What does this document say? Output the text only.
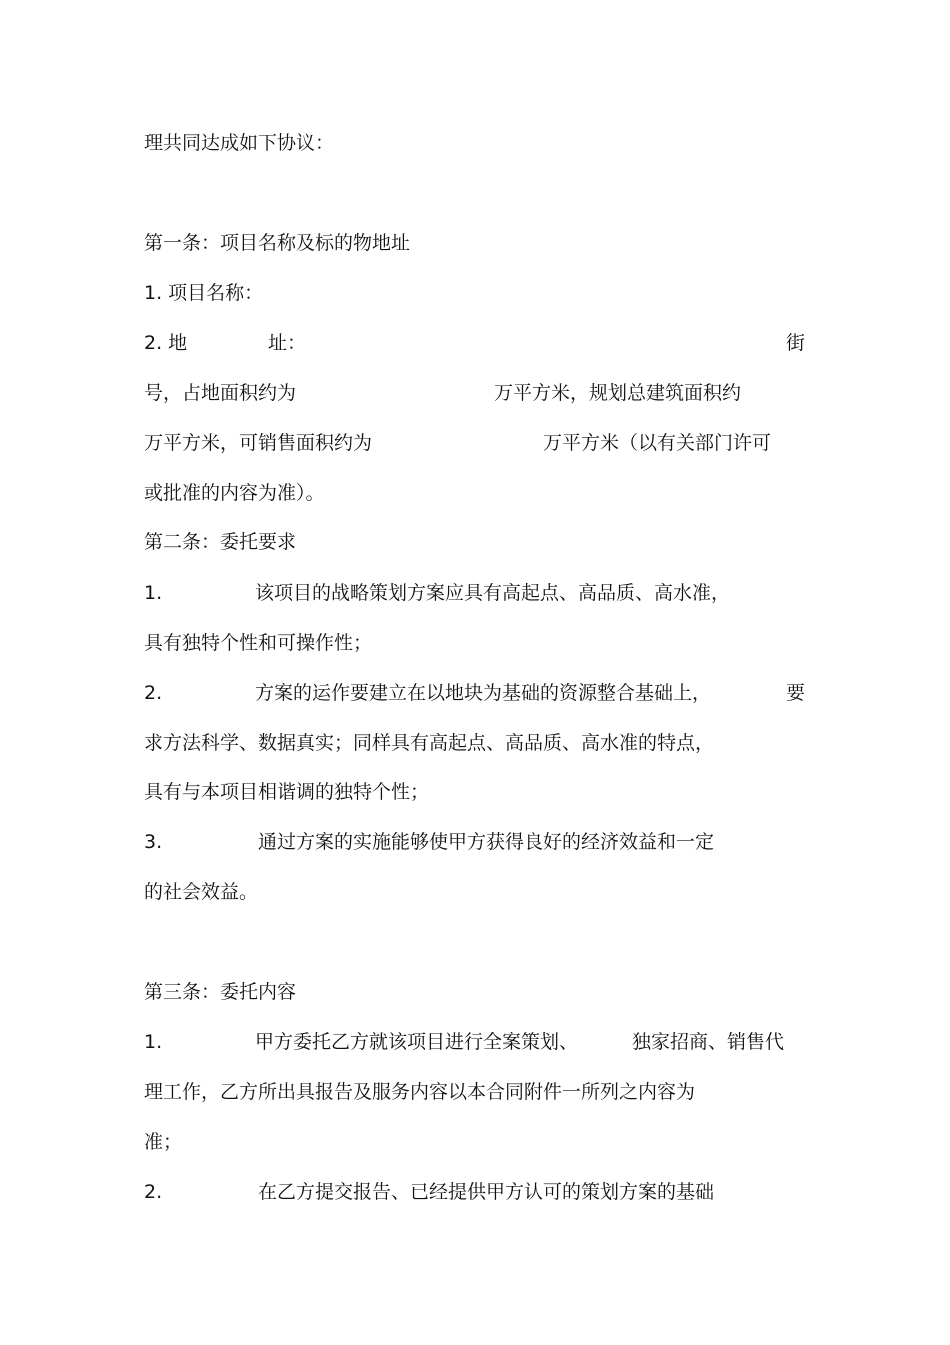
理共同达成如下协议：
第一条：项目名称及标的物地址
1. 项目名称：
2. 地	址：	街
号，占地面积约为	万平方米，规划总建筑面积约
万平方米，可销售面积约为	万平方米（以有关部门许可
或批准的内容为准）。
第二条：委托要求
1.	该项目的战略策划方案应具有高起点、高品质、高水准，
具有独特个性和可操作性；
2.	方案的运作要建立在以地块为基础的资源整合基础上，	要
求方法科学、数据真实；同样具有高起点、高品质、高水准的特点，
具有与本项目相谐调的独特个性；
3.	通过方案的实施能够使甲方获得良好的经济效益和一定
的社会效益。
第三条：委托内容
1.	甲方委托乙方就该项目进行全案策划、	独家招商、销售代
理工作，乙方所出具报告及服务内容以本合同附件一所列之内容为
准；
2.	在乙方提交报告、已经提供甲方认可的策划方案的基础
